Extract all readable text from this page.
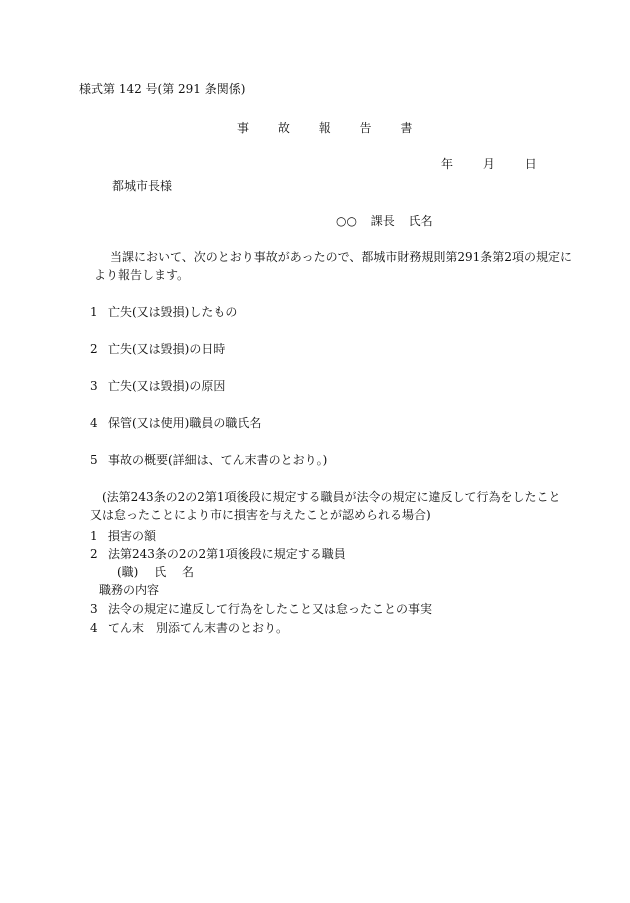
様式第 142 号(第 291 条関係)
事 故 報 告 書
年 月 日
都城市長様
○○ 課長 氏名
当課において、次のとおり事故があったので、都城市財務規則第291条第2項の規定に
より報告します。
1 亡失(又は毀損)したもの
2 亡失(又は毀損)の日時
3 亡失(又は毀損)の原因
4 保管(又は使用)職員の職氏名
5 事故の概要(詳細は、てん末書のとおり。)
(法第243条の2の2第1項後段に規定する職員が法令の規定に違反して行為をしたこと
又は怠ったことにより市に損害を与えたことが認められる場合)
1 損害の額
2 法第243条の2の2第1項後段に規定する職員
(職) 氏 名
職務の内容
3 法令の規定に違反して行為をしたこと又は怠ったことの事実
4 てん末　別添てん末書のとおり。
